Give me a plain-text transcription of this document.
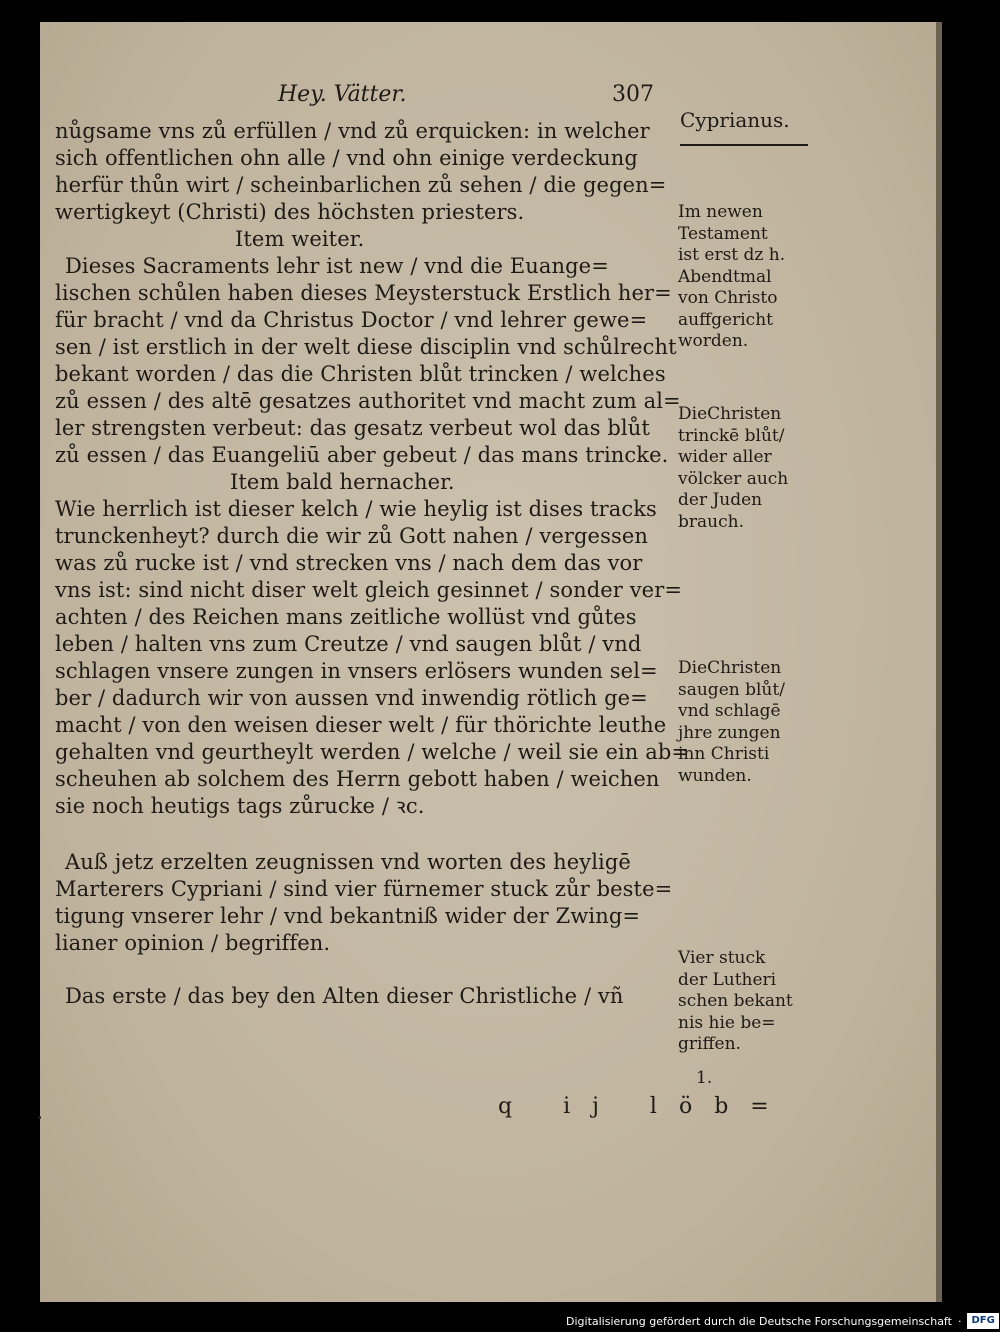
Hey. Vätter.	307
Cyprianus.
nůgsame vns zů erfüllen / vnd zů erquicken: in welcher
sich offentlichen ohn alle / vnd ohn einige verdeckung
herfür thůn wirt / scheinbarlichen zů sehen / die gegen=
wertigkeyt (Christi) des höchsten priesters.
Item weiter.
Dieses Sacraments lehr ist new / vnd die Euange=
lischen schůlen haben dieses Meysterstuck Erstlich her=
für bracht / vnd da Christus Doctor / vnd lehrer gewe=
sen / ist erstlich in der welt diese disciplin vnd schůlrecht
bekant worden / das die Christen blůt trincken / welches
zů essen / des altē gesatzes authoritet vnd macht zum al=
ler strengsten verbeut: das gesatz verbeut wol das blůt
zů essen / das Euangeliū aber gebeut / das mans trincke.
Item bald hernacher.
Wie herrlich ist dieser kelch / wie heylig ist dises tracks
trunckenheyt? durch die wir zů Gott nahen / vergessen
was zů rucke ist / vnd strecken vns / nach dem das vor
vns ist: sind nicht diser welt gleich gesinnet / sonder ver=
achten / des Reichen mans zeitliche wollüst vnd gůtes
leben / halten vns zum Creutze / vnd saugen blůt / vnd
schlagen vnsere zungen in vnsers erlösers wunden sel=
ber / dadurch wir von aussen vnd inwendig rötlich ge=
macht / von den weisen dieser welt / für thörichte leuthe
gehalten vnd geurtheylt werden / welche / weil sie ein ab=
scheuhen ab solchem des Herrn gebott haben / weichen
sie noch heutigs tags zůrucke / ꝛc.
Auß jetz erzelten zeugnissen vnd worten des heyligē
Marterers Cypriani / sind vier fürnemer stuck zůr beste=
tigung vnserer lehr / vnd bekantniß wider der Zwing=
lianer opinion / begriffen.
Das erste / das bey den Alten dieser Christliche / vñ
Im newen
Testament
ist erst dz h.
Abendtmal
von Christo
auffgericht
worden.
DieChristen
trinckē blůt/
wider aller
völcker auch
der Juden
brauch.
DieChristen
saugen blůt/
vnd schlagē
jhre zungen
inn Christi
wunden.
Vier stuck
der Lutheri
schen bekant
nis hie be=
griffen.
1.
q ij löb=
Digitalisierung gefördert durch die Deutsche Forschungsgemeinschaft ·	DFG
